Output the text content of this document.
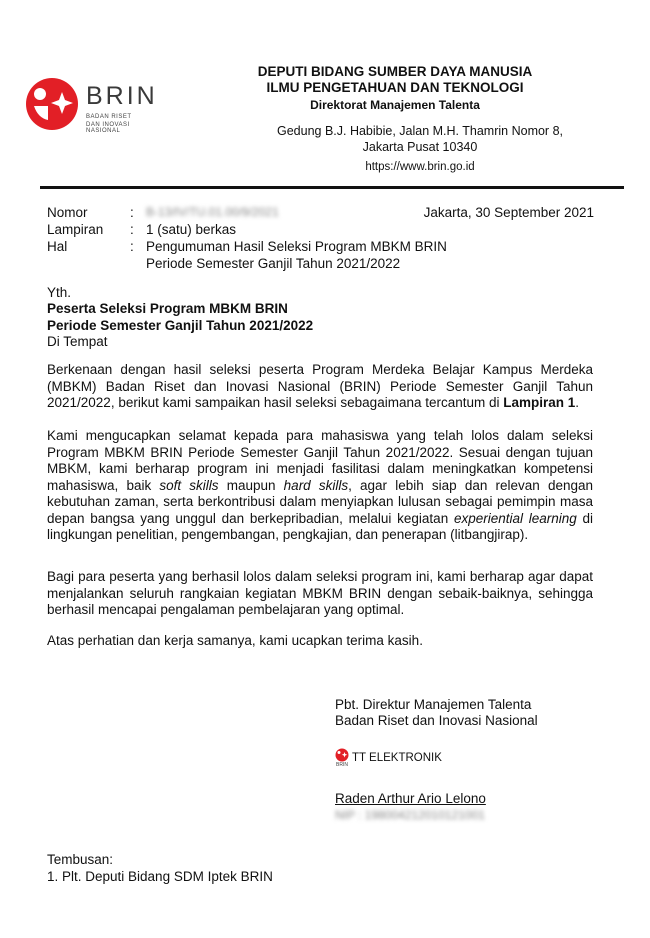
BRIN
BADAN RISET
DAN INOVASI NASIONAL
DEPUTI BIDANG SUMBER DAYA MANUSIA
ILMU PENGETAHUAN DAN TEKNOLOGI
Direktorat Manajemen Talenta
Gedung B.J. Habibie, Jalan M.H. Thamrin Nomor 8,
Jakarta Pusat 10340
https://www.brin.go.id
Nomor	: B-13/IV/TU.01.00/9/2021	Jakarta, 30 September 2021
Lampiran : 1 (satu) berkas
Hal	: Pengumuman Hasil Seleksi Program MBKM BRIN
Periode Semester Ganjil Tahun 2021/2022
Yth.
Peserta Seleksi Program MBKM BRIN
Periode Semester Ganjil Tahun 2021/2022
Di Tempat

Berkenaan dengan hasil seleksi peserta Program Merdeka Belajar Kampus Merdeka (MBKM) Badan Riset dan Inovasi Nasional (BRIN) Periode Semester Ganjil Tahun 2021/2022, berikut kami sampaikan hasil seleksi sebagaimana tercantum di Lampiran 1.

Kami mengucapkan selamat kepada para mahasiswa yang telah lolos dalam seleksi Program MBKM BRIN Periode Semester Ganjil Tahun 2021/2022. Sesuai dengan tujuan MBKM, kami berharap program ini menjadi fasilitasi dalam meningkatkan kompetensi mahasiswa, baik soft skills maupun hard skills, agar lebih siap dan relevan dengan kebutuhan zaman, serta berkontribusi dalam menyiapkan lulusan sebagai pemimpin masa depan bangsa yang unggul dan berkepribadian, melalui kegiatan experiential learning di lingkungan penelitian, pengembangan, pengkajian, dan penerapan (litbangjirap).

Bagi para peserta yang berhasil lolos dalam seleksi program ini, kami berharap agar dapat menjalankan seluruh rangkaian kegiatan MBKM BRIN dengan sebaik-baiknya, sehingga berhasil mencapai pengalaman pembelajaran yang optimal.

Atas perhatian dan kerja samanya, kami ucapkan terima kasih.

Pbt. Direktur Manajemen Talenta
Badan Riset dan Inovasi Nasional
BRIN
TT ELEKTRONIK
Raden Arthur Ario Lelono
NIP : 198004212010121001
Tembusan:
1. Plt. Deputi Bidang SDM Iptek BRIN
